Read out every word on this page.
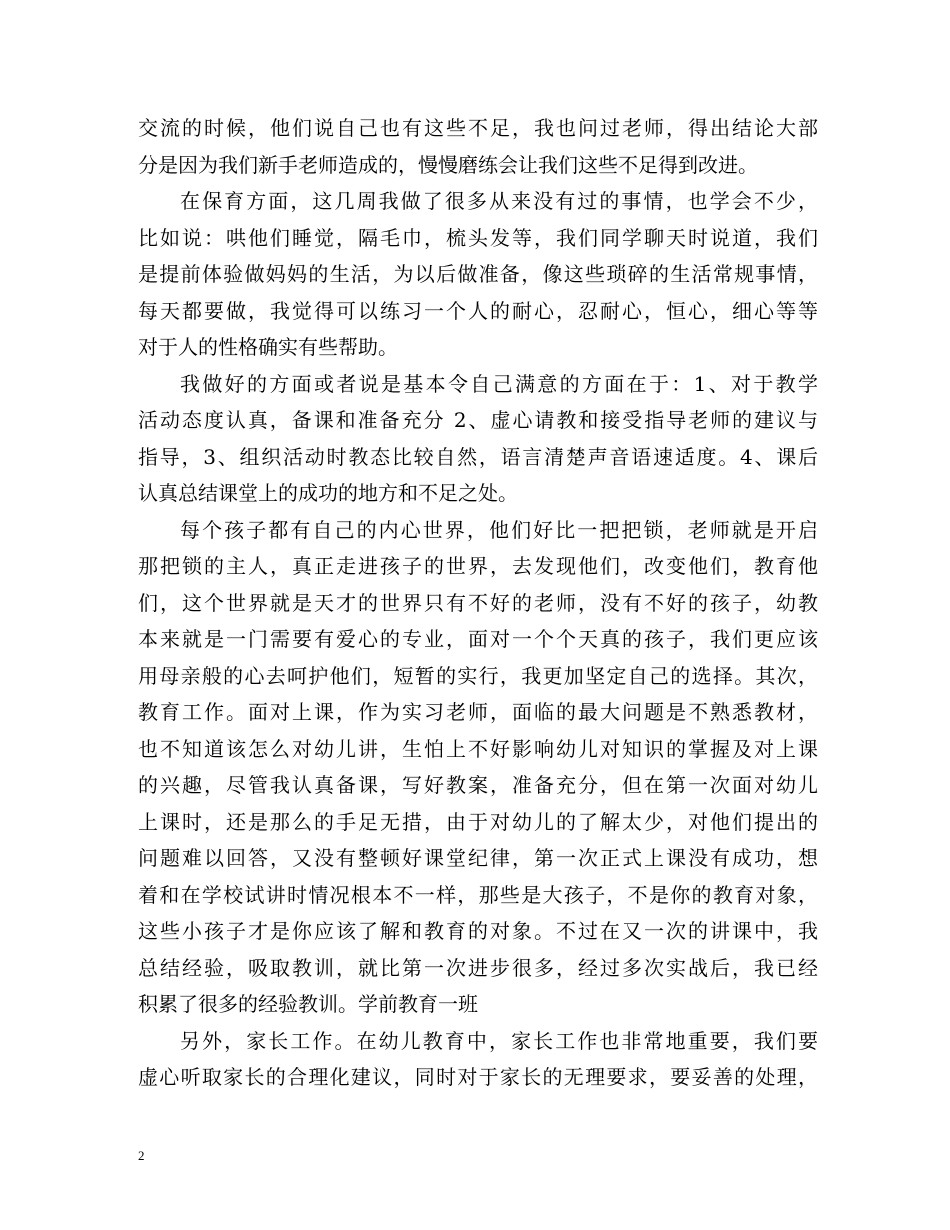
交流的时候，他们说自己也有这些不足，我也问过老师，得出结论大部
分是因为我们新手老师造成的，慢慢磨练会让我们这些不足得到改进。
在保育方面，这几周我做了很多从来没有过的事情，也学会不少，
比如说：哄他们睡觉，隔毛巾，梳头发等，我们同学聊天时说道，我们
是提前体验做妈妈的生活，为以后做准备，像这些琐碎的生活常规事情，
每天都要做，我觉得可以练习一个人的耐心，忍耐心，恒心，细心等等
对于人的性格确实有些帮助。
我做好的方面或者说是基本令自己满意的方面在于：1、对于教学
活动态度认真，备课和准备充分 2、虚心请教和接受指导老师的建议与
指导，3、组织活动时教态比较自然，语言清楚声音语速适度。4、课后
认真总结课堂上的成功的地方和不足之处。
每个孩子都有自己的内心世界，他们好比一把把锁，老师就是开启
那把锁的主人，真正走进孩子的世界，去发现他们，改变他们，教育他
们，这个世界就是天才的世界只有不好的老师，没有不好的孩子，幼教
本来就是一门需要有爱心的专业，面对一个个天真的孩子，我们更应该
用母亲般的心去呵护他们，短暂的实行，我更加坚定自己的选择。其次，
教育工作。面对上课，作为实习老师，面临的最大问题是不熟悉教材，
也不知道该怎么对幼儿讲，生怕上不好影响幼儿对知识的掌握及对上课
的兴趣，尽管我认真备课，写好教案，准备充分，但在第一次面对幼儿
上课时，还是那么的手足无措，由于对幼儿的了解太少，对他们提出的
问题难以回答，又没有整顿好课堂纪律，第一次正式上课没有成功，想
着和在学校试讲时情况根本不一样，那些是大孩子，不是你的教育对象，
这些小孩子才是你应该了解和教育的对象。不过在又一次的讲课中，我
总结经验，吸取教训，就比第一次进步很多，经过多次实战后，我已经
积累了很多的经验教训。学前教育一班
另外，家长工作。在幼儿教育中，家长工作也非常地重要，我们要
虚心听取家长的合理化建议，同时对于家长的无理要求，要妥善的处理，
2
